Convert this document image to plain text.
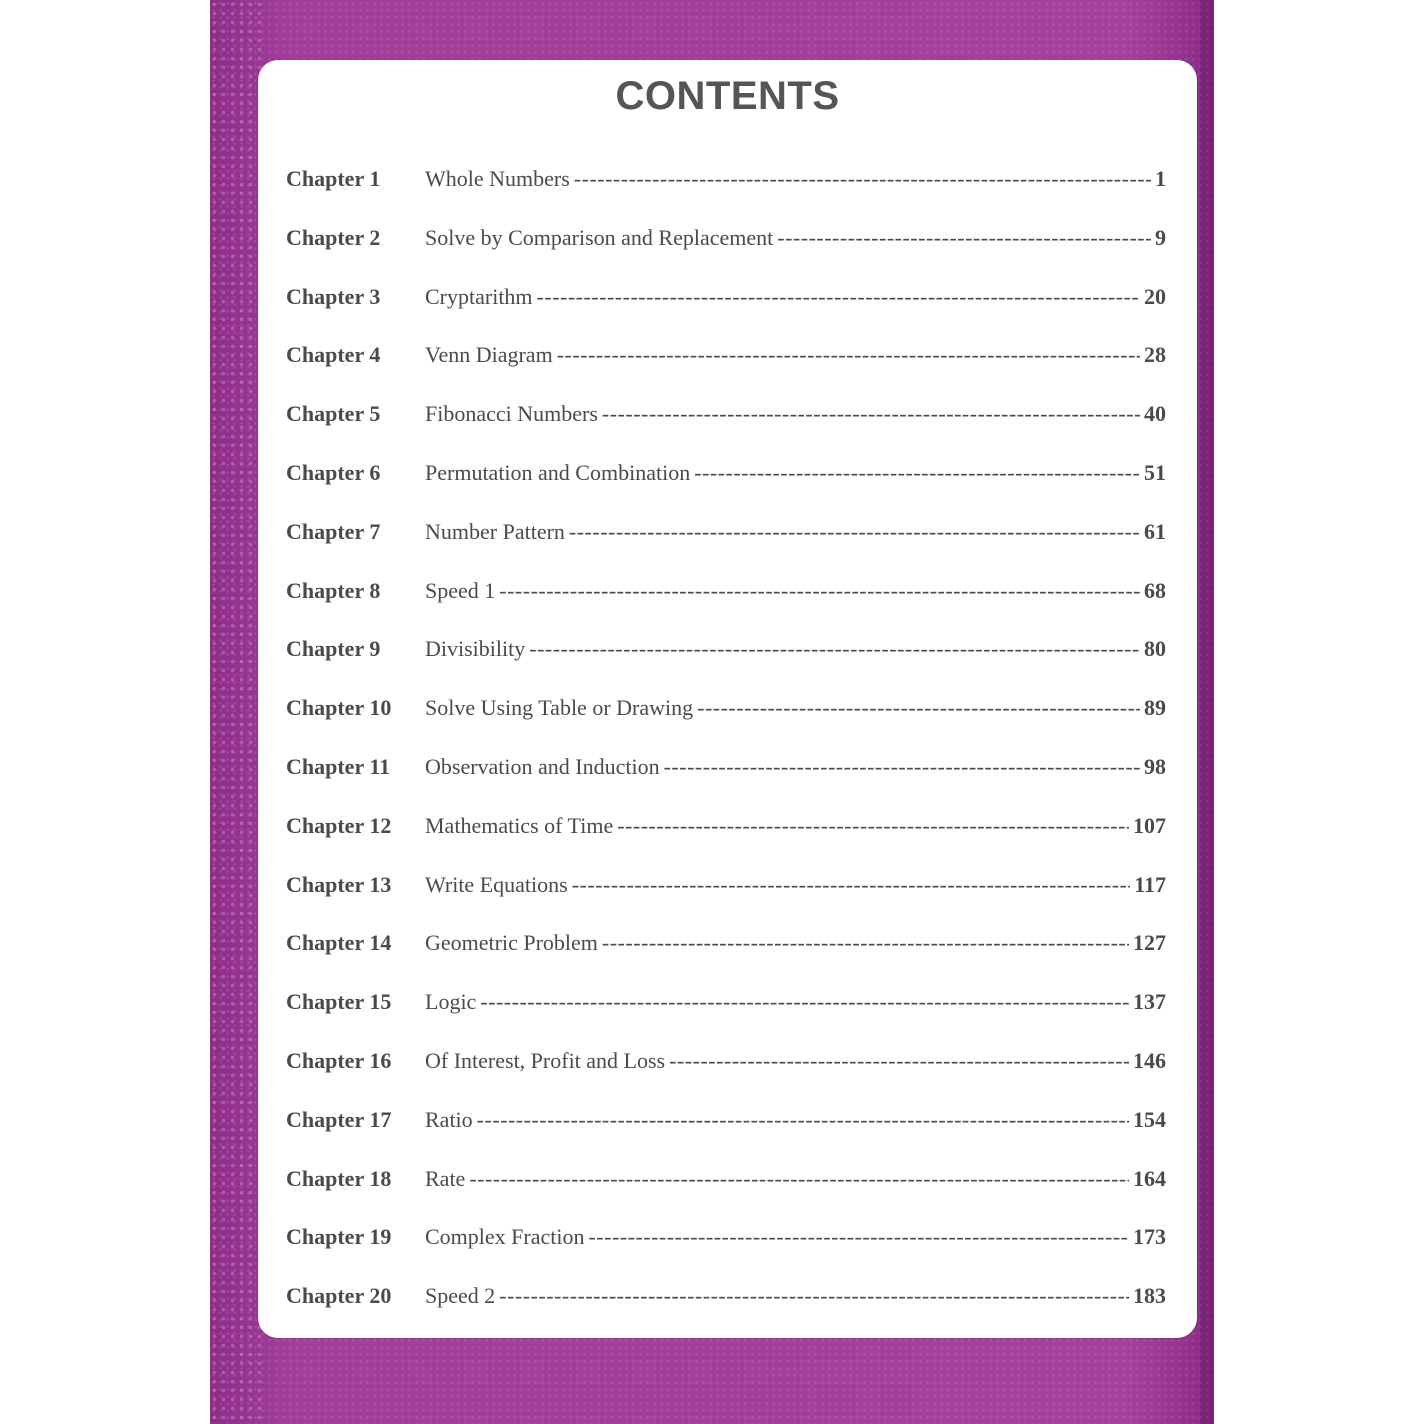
CONTENTS
Chapter 1	Whole Numbers -----	1
Chapter 2	Solve by Comparison and Replacement -----	9
Chapter 3	Cryptarithm -----	20
Chapter 4	Venn Diagram -----	28
Chapter 5	Fibonacci Numbers -----	40
Chapter 6	Permutation and Combination -----	51
Chapter 7	Number Pattern -----	61
Chapter 8	Speed 1 -----	68
Chapter 9	Divisibility -----	80
Chapter 10	Solve Using Table or Drawing -----	89
Chapter 11	Observation and Induction -----	98
Chapter 12	Mathematics of Time -----	107
Chapter 13	Write Equations -----	117
Chapter 14	Geometric Problem -----	127
Chapter 15	Logic -----	137
Chapter 16	Of Interest, Profit and Loss -----	146
Chapter 17	Ratio -----	154
Chapter 18	Rate -----	164
Chapter 19	Complex Fraction -----	173
Chapter 20	Speed 2 -----	183
